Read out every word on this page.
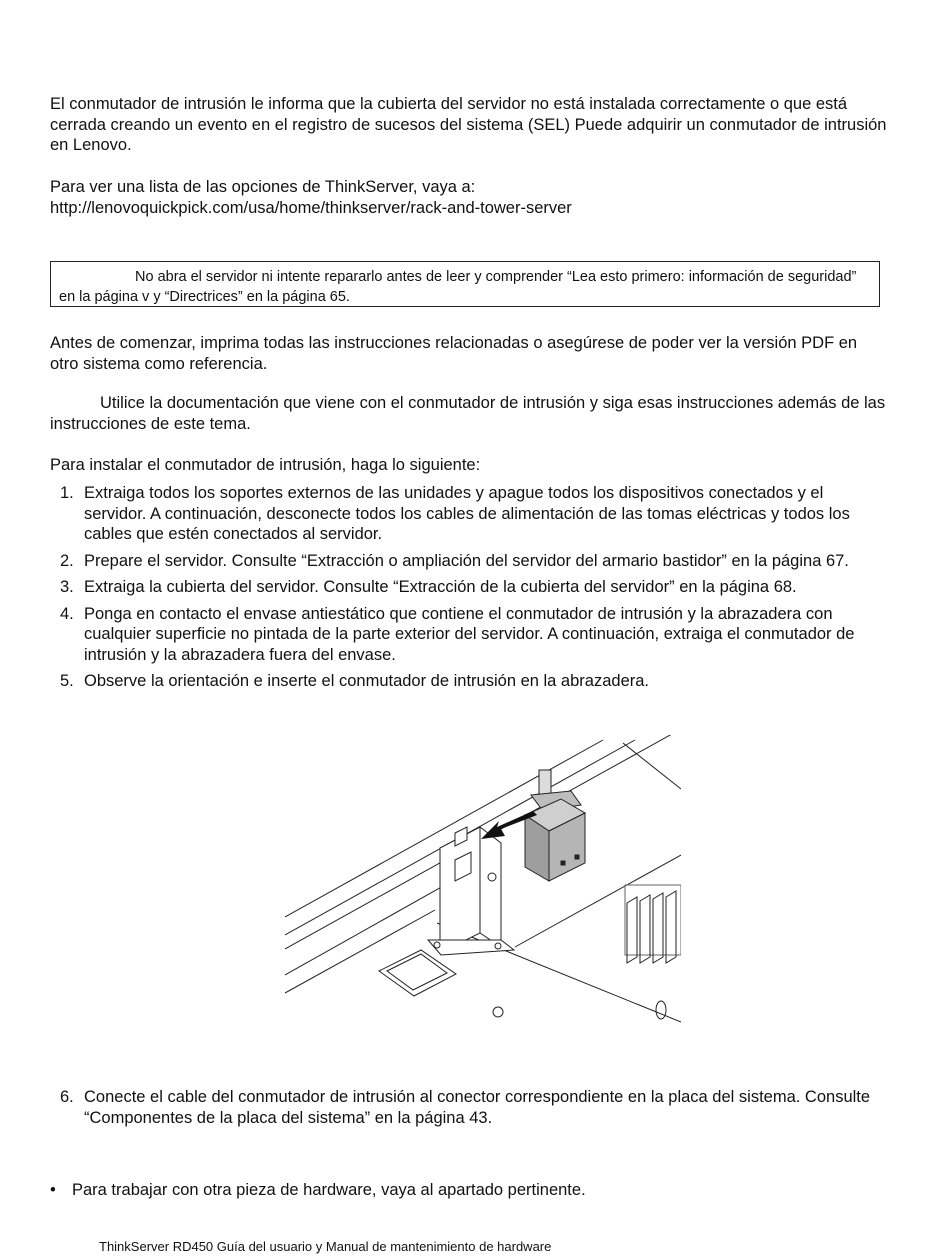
El conmutador de intrusión le informa que la cubierta del servidor no está instalada correctamente o que está cerrada creando un evento en el registro de sucesos del sistema (SEL) Puede adquirir un conmutador de intrusión en Lenovo.

Para ver una lista de las opciones de ThinkServer, vaya a:
http://lenovoquickpick.com/usa/home/thinkserver/rack-and-tower-server

No abra el servidor ni intente repararlo antes de leer y comprender “Lea esto primero: información de seguridad” en la página v y “Directrices” en la página 65.

Antes de comenzar, imprima todas las instrucciones relacionadas o asegúrese de poder ver la versión PDF en otro sistema como referencia.

Utilice la documentación que viene con el conmutador de intrusión y siga esas instrucciones además de las instrucciones de este tema.

Para instalar el conmutador de intrusión, haga lo siguiente:

1. Extraiga todos los soportes externos de las unidades y apague todos los dispositivos conectados y el servidor. A continuación, desconecte todos los cables de alimentación de las tomas eléctricas y todos los cables que estén conectados al servidor.
2. Prepare el servidor. Consulte “Extracción o ampliación del servidor del armario bastidor” en la página 67.
3. Extraiga la cubierta del servidor. Consulte “Extracción de la cubierta del servidor” en la página 68.
4. Ponga en contacto el envase antiestático que contiene el conmutador de intrusión y la abrazadera con cualquier superficie no pintada de la parte exterior del servidor. A continuación, extraiga el conmutador de intrusión y la abrazadera fuera del envase.
5. Observe la orientación e inserte el conmutador de intrusión en la abrazadera.
6. Conecte el cable del conmutador de intrusión al conector correspondiente en la placa del sistema. Consulte “Componentes de la placa del sistema” en la página 43.
• Para trabajar con otra pieza de hardware, vaya al apartado pertinente.
ThinkServer RD450 Guía del usuario y Manual de mantenimiento de hardware
